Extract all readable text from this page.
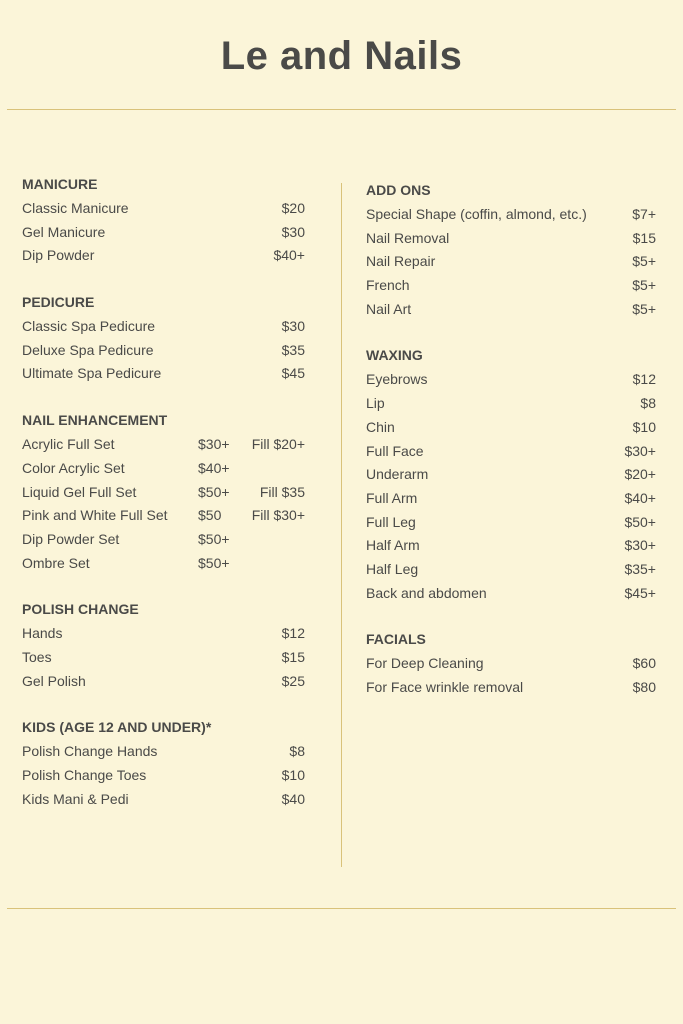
Le and Nails
MANICURE
Classic Manicure	$20
Gel Manicure	$30
Dip Powder	$40+
PEDICURE
Classic Spa Pedicure	$30
Deluxe Spa Pedicure	$35
Ultimate Spa Pedicure	$45
NAIL ENHANCEMENT
Acrylic Full Set	$30+ Fill $20+
Color Acrylic Set	$40+
Liquid Gel Full Set	$50+ Fill $35
Pink and White Full Set $50 Fill $30+
Dip Powder Set	$50+
Ombre Set	$50+
POLISH CHANGE
Hands	$12
Toes	$15
Gel Polish	$25
KIDS (AGE 12 AND UNDER)*
Polish Change Hands	$8
Polish Change Toes	$10
Kids Mani & Pedi	$40
ADD ONS
Special Shape (coffin, almond, etc.)	$7+
Nail Removal	$15
Nail Repair	$5+
French	$5+
Nail Art	$5+
WAXING
Eyebrows	$12
Lip	$8
Chin	$10
Full Face	$30+
Underarm	$20+
Full Arm	$40+
Full Leg	$50+
Half Arm	$30+
Half Leg	$35+
Back and abdomen	$45+
FACIALS
For Deep Cleaning	$60
For Face wrinkle removal	$80
